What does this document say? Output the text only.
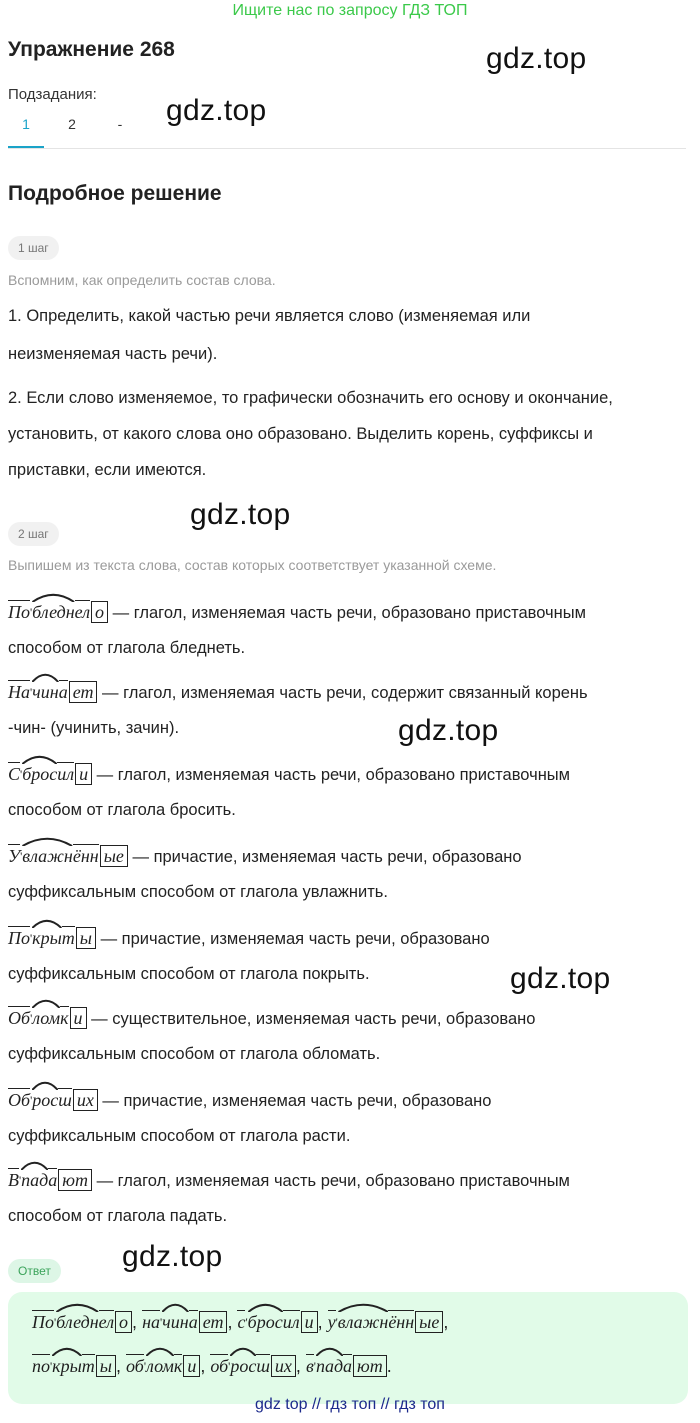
Ищите нас по запросу ГДЗ ТОП
gdz.top
gdz.top
gdz.top
gdz.top
gdz.top
gdz.top
Упражнение 268
Подзадания:
1	2	-
Подробное решение
1 шаг
Вспомним, как определить состав слова.
1. Определить, какой частью речи является слово (изменяемая или
неизменяемая часть речи).
2. Если слово изменяемое, то графически обозначить его основу и окончание,
установить, от какого слова оно образовано. Выделить корень, суффиксы и
приставки, если имеются.
2 шаг
Выпишем из текста слова, состав которых соответствует указанной схеме.
По'бледн
ел о — глагол, изменяемая часть речи, образовано приставочным
способом от глагола бледнеть.
На'чин
а ет — глагол, изменяемая часть речи, содержит связанный корень
-чин- (учинить, зачин).
С'брос
ил и — глагол, изменяемая часть речи, образовано приставочным
способом от глагола бросить.
У'влажн
ённ ые — причастие, изменяемая часть речи, образовано
суффиксальным способом от глагола увлажнить.
По'кры
т ы — причастие, изменяемая часть речи, образовано
суффиксальным способом от глагола покрыть.
Об'лом
к и — существительное, изменяемая часть речи, образовано
суффиксальным способом от глагола обломать.
Об'рос
ш их — причастие, изменяемая часть речи, образовано
суффиксальным способом от глагола расти.
В'пад
а ют — глагол, изменяемая часть речи, образовано приставочным
способом от глагола падать.
Ответ
По'бледн
ел о , на'чин
а ет , с'брос
ил и , у'влажн
ённ ые ,
по'кры
т ы , об'лом
к и , об'рос
ш их , в'пад
а ют .
gdz top // гдз топ // гдз топ
